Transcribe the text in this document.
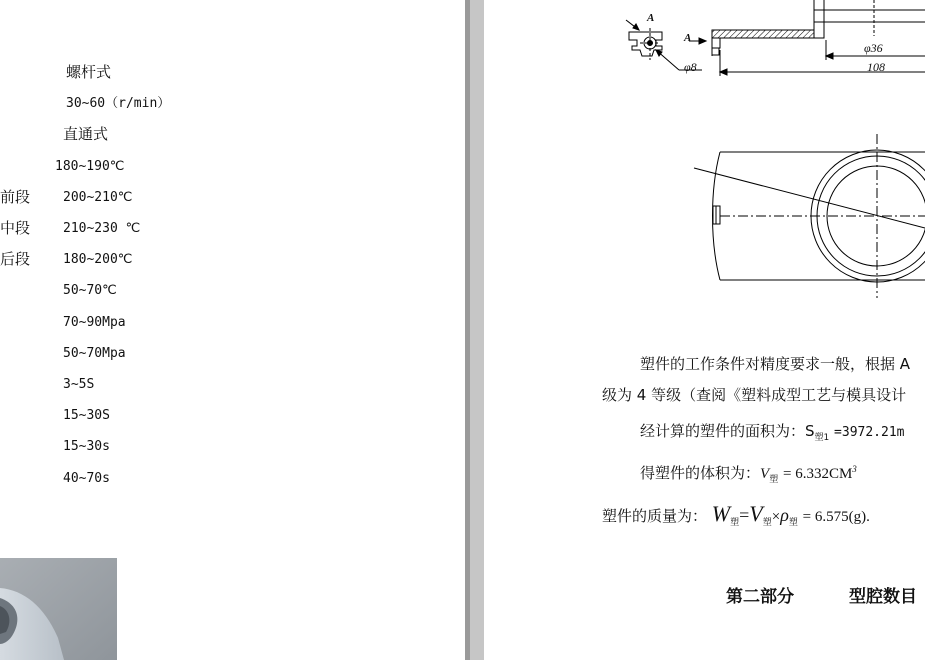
螺杆式
30~60（r/min）
直通式
180~190℃
前段	200~210℃
中段	210~230 ℃
后段	180~200℃
50~70℃
70~90Mpa
50~70Mpa
3~5S
15~30S
15~30s
40~70s
A
A
φ8
φ36
108
塑件的工作条件对精度要求一般，根据 A
级为 4 等级（查阅《塑料成型工艺与模具设计
经计算的塑件的面积为：$S_{塑1} =3972.21m$
得塑件的体积为：$V_塑 = 6.332CM^3$
塑件的质量为： $W_塑=V_塑\times\rho_塑 = 6.575(g)$.
第二部分	型腔数目
